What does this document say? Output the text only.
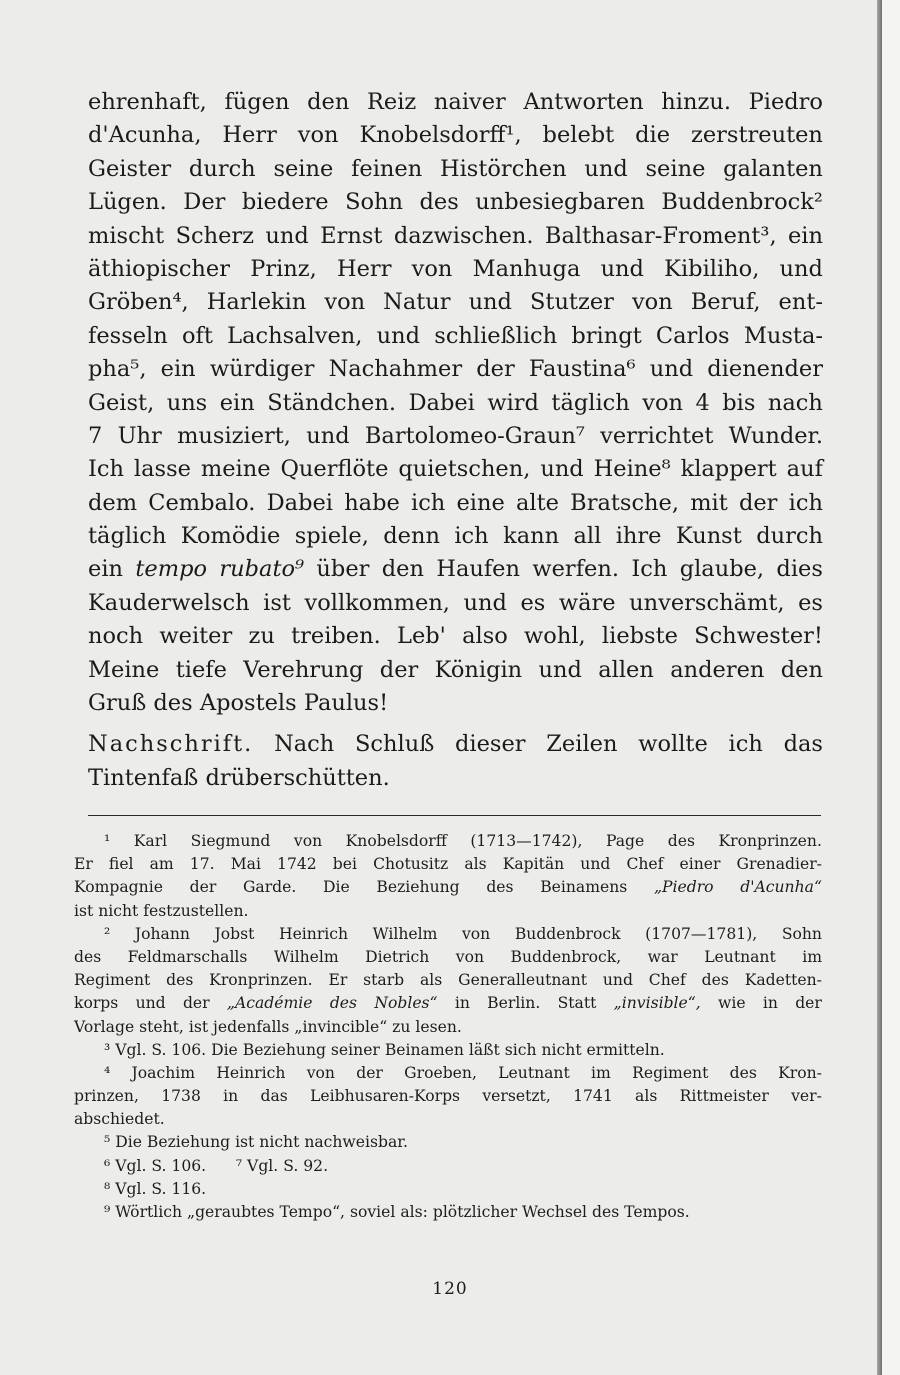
ehrenhaft, fügen den Reiz naiver Antworten hinzu. Piedro
d'Acunha, Herr von Knobelsdorff¹, belebt die zerstreuten
Geister durch seine feinen Histörchen und seine galanten
Lügen. Der biedere Sohn des unbesiegbaren Buddenbrock²
mischt Scherz und Ernst dazwischen. Balthasar-Froment³, ein
äthiopischer Prinz, Herr von Manhuga und Kibiliho, und
Gröben⁴, Harlekin von Natur und Stutzer von Beruf, ent-
fesseln oft Lachsalven, und schließlich bringt Carlos Musta-
pha⁵, ein würdiger Nachahmer der Faustina⁶ und dienender
Geist, uns ein Ständchen. Dabei wird täglich von 4 bis nach
7 Uhr musiziert, und Bartolomeo-Graun⁷ verrichtet Wunder.
Ich lasse meine Querflöte quietschen, und Heine⁸ klappert auf
dem Cembalo. Dabei habe ich eine alte Bratsche, mit der ich
täglich Komödie spiele, denn ich kann all ihre Kunst durch
ein tempo rubato⁹ über den Haufen werfen. Ich glaube, dies
Kauderwelsch ist vollkommen, und es wäre unverschämt, es
noch weiter zu treiben. Leb' also wohl, liebste Schwester!
Meine tiefe Verehrung der Königin und allen anderen den
Gruß des Apostels Paulus!
Nachschrift. Nach Schluß dieser Zeilen wollte ich das
Tintenfaß drüberschütten.
¹ Karl Siegmund von Knobelsdorff (1713—1742), Page des Kronprinzen.
Er fiel am 17. Mai 1742 bei Chotusitz als Kapitän und Chef einer Grenadier-
Kompagnie der Garde. Die Beziehung des Beinamens „Piedro d'Acunha“
ist nicht festzustellen.
² Johann Jobst Heinrich Wilhelm von Buddenbrock (1707—1781), Sohn
des Feldmarschalls Wilhelm Dietrich von Buddenbrock, war Leutnant im
Regiment des Kronprinzen. Er starb als Generalleutnant und Chef des Kadetten-
korps und der „Académie des Nobles“ in Berlin. Statt „invisible“, wie in der
Vorlage steht, ist jedenfalls „invincible“ zu lesen.
³ Vgl. S. 106. Die Beziehung seiner Beinamen läßt sich nicht ermitteln.
⁴ Joachim Heinrich von der Groeben, Leutnant im Regiment des Kron-
prinzen, 1738 in das Leibhusaren-Korps versetzt, 1741 als Rittmeister ver-
abschiedet.
⁵ Die Beziehung ist nicht nachweisbar.
⁶ Vgl. S. 106.      ⁷ Vgl. S. 92.
⁸ Vgl. S. 116.
⁹ Wörtlich „geraubtes Tempo“, soviel als: plötzlicher Wechsel des Tempos.
120
